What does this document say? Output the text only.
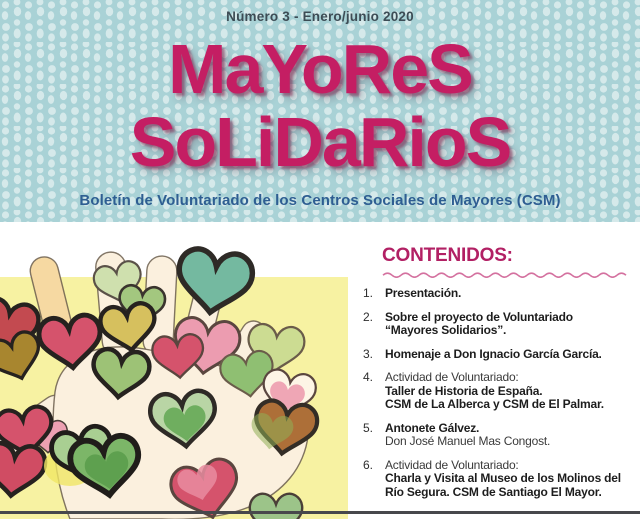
Número 3 - Enero/junio 2020
MaYoReS
SoLiDaRioS
Boletín de Voluntariado de los Centros Sociales de Mayores (CSM)
CONTENIDOS:
1. Presentación.
2. Sobre el proyecto de Voluntariado
“Mayores Solidarios”.
3. Homenaje a Don Ignacio García García.
4. Actividad de Voluntariado:
Taller de Historia de España.
CSM de La Alberca y CSM de El Palmar.
5. Antonete Gálvez.
Don José Manuel Mas Congost.
6. Actividad de Voluntariado:
Charla y Visita al Museo de los Molinos del
Río Segura. CSM de Santiago El Mayor.
